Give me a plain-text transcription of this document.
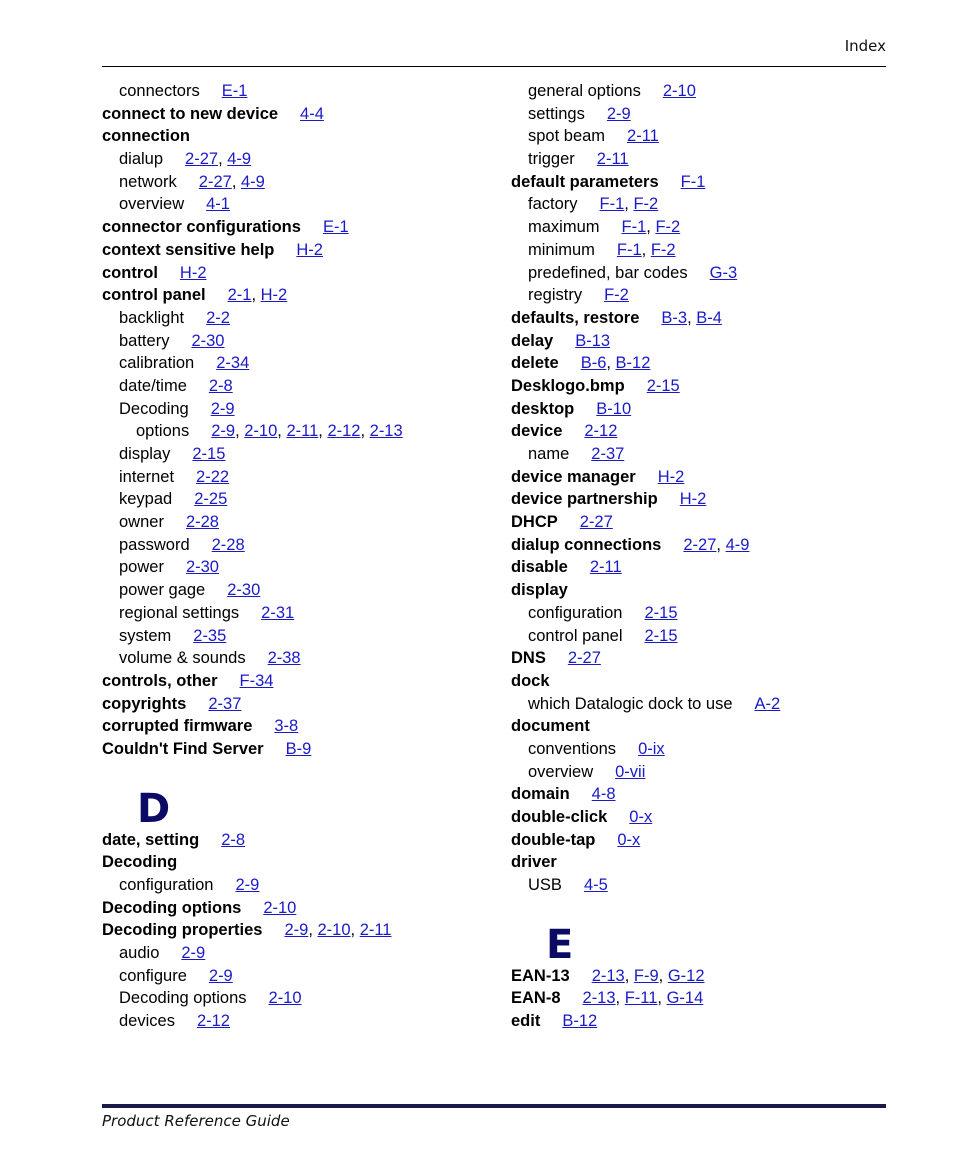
Index
connectors E-1
connect to new device 4-4
connection
dialup 2-27, 4-9
network 2-27, 4-9
overview 4-1
connector configurations E-1
context sensitive help H-2
control H-2
control panel 2-1, H-2
backlight 2-2
battery 2-30
calibration 2-34
date/time 2-8
Decoding 2-9
options 2-9, 2-10, 2-11, 2-12, 2-13
display 2-15
internet 2-22
keypad 2-25
owner 2-28
password 2-28
power 2-30
power gage 2-30
regional settings 2-31
system 2-35
volume & sounds 2-38
controls, other F-34
copyrights 2-37
corrupted firmware 3-8
Couldn't Find Server B-9
D
date, setting 2-8
Decoding
configuration 2-9
Decoding options 2-10
Decoding properties 2-9, 2-10, 2-11
audio 2-9
configure 2-9
Decoding options 2-10
devices 2-12
general options 2-10
settings 2-9
spot beam 2-11
trigger 2-11
default parameters F-1
factory F-1, F-2
maximum F-1, F-2
minimum F-1, F-2
predefined, bar codes G-3
registry F-2
defaults, restore B-3, B-4
delay B-13
delete B-6, B-12
Desklogo.bmp 2-15
desktop B-10
device 2-12
name 2-37
device manager H-2
device partnership H-2
DHCP 2-27
dialup connections 2-27, 4-9
disable 2-11
display
configuration 2-15
control panel 2-15
DNS 2-27
dock
which Datalogic dock to use A-2
document
conventions 0-ix
overview 0-vii
domain 4-8
double-click 0-x
double-tap 0-x
driver
USB 4-5
E
EAN-13 2-13, F-9, G-12
EAN-8 2-13, F-11, G-14
edit B-12
Product Reference Guide
